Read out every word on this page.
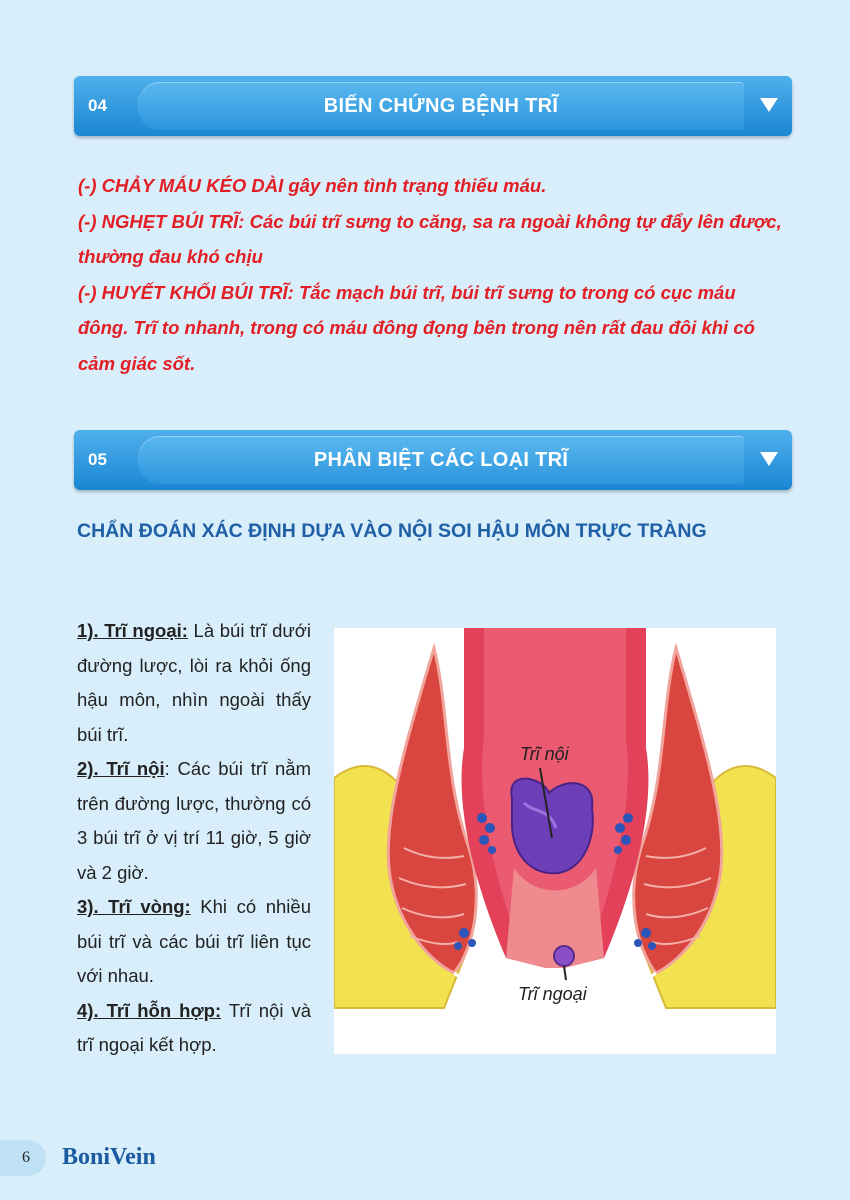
04	BIẾN CHỨNG BỆNH TRĨ

(-) CHẢY MÁU KÉO DÀI gây nên tình trạng thiếu máu.

(-) NGHẸT BÚI TRĨ: Các búi trĩ sưng to căng, sa ra ngoài không tự đẩy lên được, thường đau khó chịu

(-) HUYẾT KHỐI BÚI TRĨ: Tắc mạch búi trĩ, búi trĩ sưng to trong có cục máu đông. Trĩ to nhanh, trong có máu đông đọng bên trong nên rất đau đôi khi có cảm giác sốt.

05	PHÂN BIỆT CÁC LOẠI TRĨ
CHẨN ĐOÁN XÁC ĐỊNH DỰA VÀO NỘI SOI HẬU MÔN TRỰC TRÀNG

1). Trĩ ngoại: Là búi trĩ dưới đường lược, lòi ra khỏi ống hậu môn, nhìn ngoài thấy búi trĩ.

2). Trĩ nội: Các búi trĩ nằm trên đường lược, thường có 3 búi trĩ ở vị trí 11 giờ, 5 giờ và 2 giờ.

3). Trĩ vòng: Khi có nhiều búi trĩ và các búi trĩ liên tục với nhau.

4). Trĩ hỗn hợp: Trĩ nội và trĩ ngoại kết hợp.

Trĩ nội
Trĩ ngoại
6 BoniVein
